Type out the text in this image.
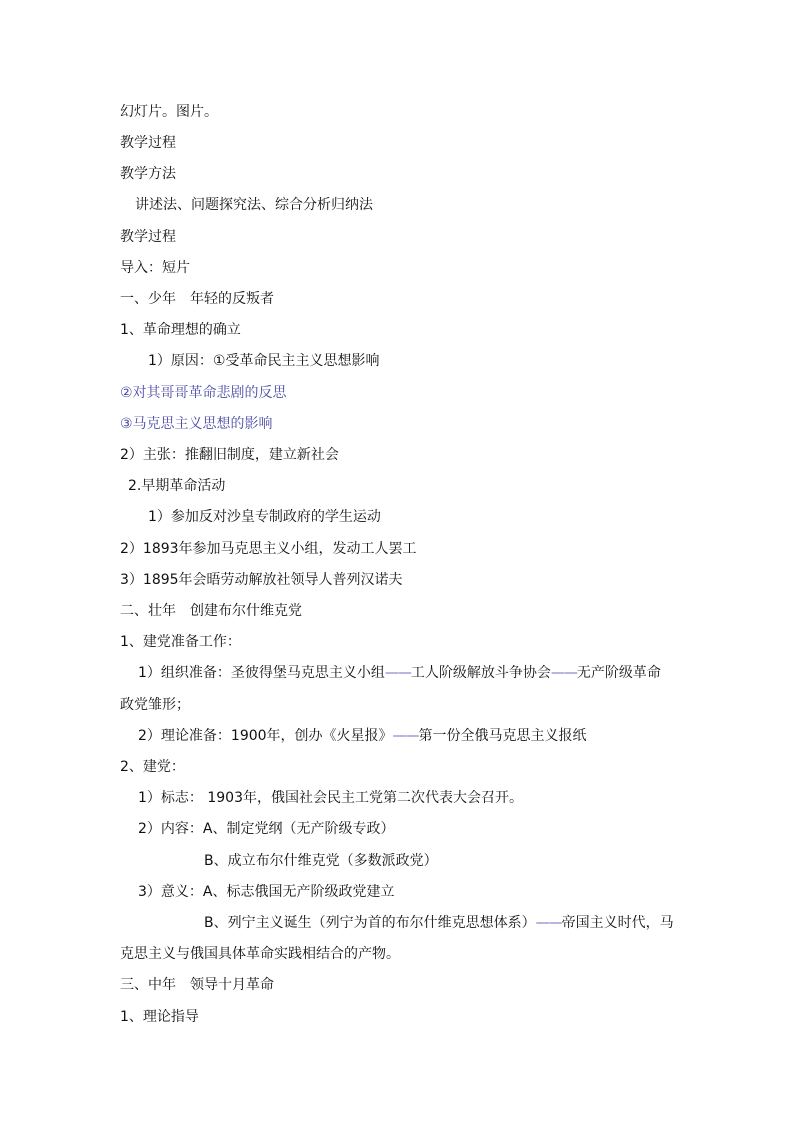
幻灯片。图片。
教学过程
教学方法
讲述法、问题探究法、综合分析归纳法
教学过程
导入：短片
一、少年　年轻的反叛者
1、革命理想的确立
1）原因：①受革命民主主义思想影响
②对其哥哥革命悲剧的反思
③马克思主义思想的影响
2）主张：推翻旧制度，建立新社会
2.早期革命活动
1）参加反对沙皇专制政府的学生运动
2）1893年参加马克思主义小组，发动工人罢工
3）1895年会晤劳动解放社领导人普列汉诺夫
二、壮年　创建布尔什维克党
1、建党准备工作：
1）组织准备：圣彼得堡马克思主义小组——工人阶级解放斗争协会——无产阶级革命
政党雏形；
2）理论准备：1900年，创办《火星报》——第一份全俄马克思主义报纸
2、建党：
1）标志： 1903年，俄国社会民主工党第二次代表大会召开。
2）内容：A、制定党纲（无产阶级专政）
B、成立布尔什维克党（多数派政党）
3）意义：A、标志俄国无产阶级政党建立
B、列宁主义诞生（列宁为首的布尔什维克思想体系）——帝国主义时代，马
克思主义与俄国具体革命实践相结合的产物。
三、中年　领导十月革命
1、理论指导
